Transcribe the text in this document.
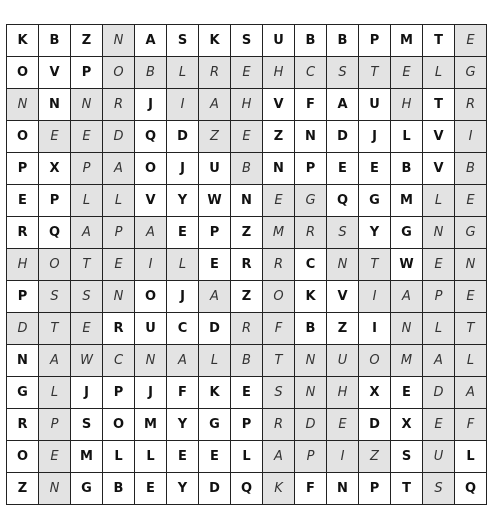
K	B	Z	N	A	S	K	S	U	B	B	P	M	T	E
O	V	P	O	B	L	R	E	H	C	S	T	E	L	G
N	N	N	R	J	I	A	H	V	F	A	U	H	T	R
O	E	E	D	Q	D	Z	E	Z	N	D	J	L	V	I
P	X	P	A	O	J	U	B	N	P	E	E	B	V	B
E	P	L	L	V	Y	W	N	E	G	Q	G	M	L	E
R	Q	A	P	A	E	P	Z	M	R	S	Y	G	N	G
H	O	T	E	I	L	E	R	R	C	N	T	W	E	N
P	S	S	N	O	J	A	Z	O	K	V	I	A	P	E
D	T	E	R	U	C	D	R	F	B	Z	I	N	L	T
N	A	W	C	N	A	L	B	T	N	U	O	M	A	L
G	L	J	P	J	F	K	E	S	N	H	X	E	D	A
R	P	S	O	M	Y	G	P	R	D	E	D	X	E	F
O	E	M	L	L	E	E	L	A	P	I	Z	S	U	L
Z	N	G	B	E	Y	D	Q	K	F	N	P	T	S	Q
